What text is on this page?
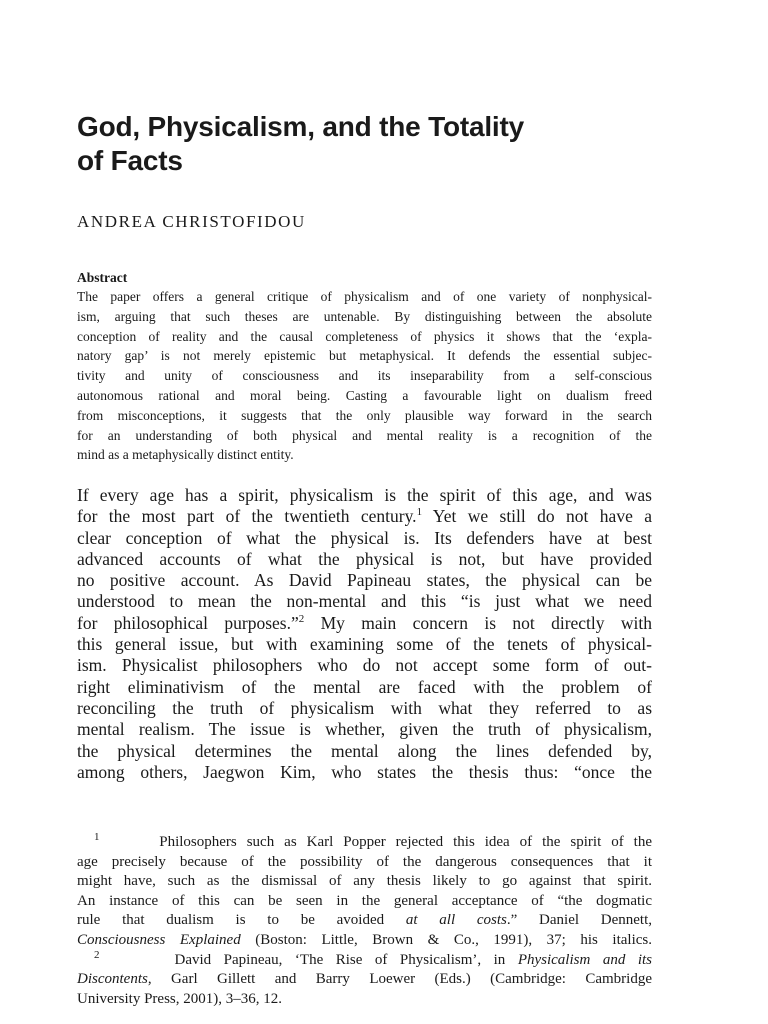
God, Physicalism, and the Totality
of Facts
ANDREA CHRISTOFIDOU
Abstract

The paper offers a general critique of physicalism and of one variety of nonphysical-

ism, arguing that such theses are untenable. By distinguishing between the absolute

conception of reality and the causal completeness of physics it shows that the ‘expla-

natory gap’ is not merely epistemic but metaphysical. It defends the essential subjec-

tivity and unity of consciousness and its inseparability from a self-conscious

autonomous rational and moral being. Casting a favourable light on dualism freed

from misconceptions, it suggests that the only plausible way forward in the search

for an understanding of both physical and mental reality is a recognition of the

mind as a metaphysically distinct entity.

If every age has a spirit, physicalism is the spirit of this age, and was

for the most part of the twentieth century.$^1$ Yet we still do not have a

clear conception of what the physical is. Its defenders have at best

advanced accounts of what the physical is not, but have provided

no positive account. As David Papineau states, the physical can be

understood to mean the non-mental and this “is just what we need

for philosophical purposes.”$^2$ My main concern is not directly with

this general issue, but with examining some of the tenets of physical-

ism. Physicalist philosophers who do not accept some form of out-

right eliminativism of the mental are faced with the problem of

reconciling the truth of physicalism with what they referred to as

mental realism. The issue is whether, given the truth of physicalism,

the physical determines the mental along the lines defended by,

among others, Jaegwon Kim, who states the thesis thus: “once the

1	Philosophers such as Karl Popper rejected this idea of the spirit of the

age precisely because of the possibility of the dangerous consequences that it

might have, such as the dismissal of any thesis likely to go against that spirit.

An instance of this can be seen in the general acceptance of “the dogmatic

rule that dualism is to be avoided at all costs.” Daniel Dennett,

Consciousness Explained (Boston: Little, Brown & Co., 1991), 37; his italics.

2	David Papineau, ‘The Rise of Physicalism’, in Physicalism and its

Discontents, Garl Gillett and Barry Loewer (Eds.) (Cambridge: Cambridge

University Press, 2001), 3–36, 12.
